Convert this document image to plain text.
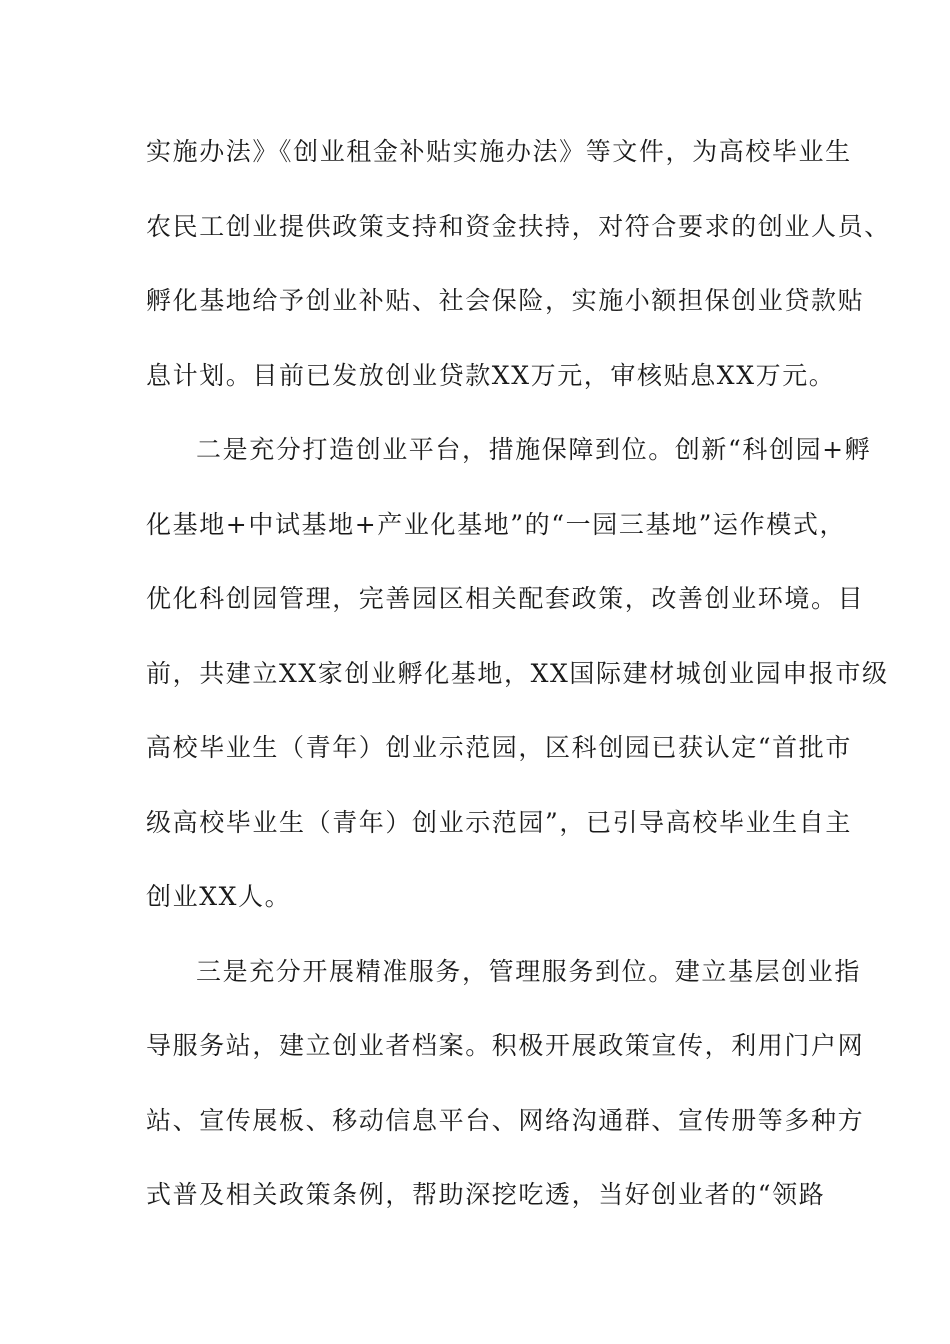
实施办法》《创业租金补贴实施办法》等文件，为高校毕业生
农民工创业提供政策支持和资金扶持，对符合要求的创业人员、
孵化基地给予创业补贴、社会保险，实施小额担保创业贷款贴
息计划。目前已发放创业贷款XX万元，审核贴息XX万元。
二是充分打造创业平台，措施保障到位。创新“科创园+孵
化基地+中试基地+产业化基地”的“一园三基地”运作模式，
优化科创园管理，完善园区相关配套政策，改善创业环境。目
前，共建立XX家创业孵化基地，XX国际建材城创业园申报市级
高校毕业生（青年）创业示范园，区科创园已获认定“首批市
级高校毕业生（青年）创业示范园”，已引导高校毕业生自主
创业XX人。
三是充分开展精准服务，管理服务到位。建立基层创业指
导服务站，建立创业者档案。积极开展政策宣传，利用门户网
站、宣传展板、移动信息平台、网络沟通群、宣传册等多种方
式普及相关政策条例，帮助深挖吃透，当好创业者的“领路
